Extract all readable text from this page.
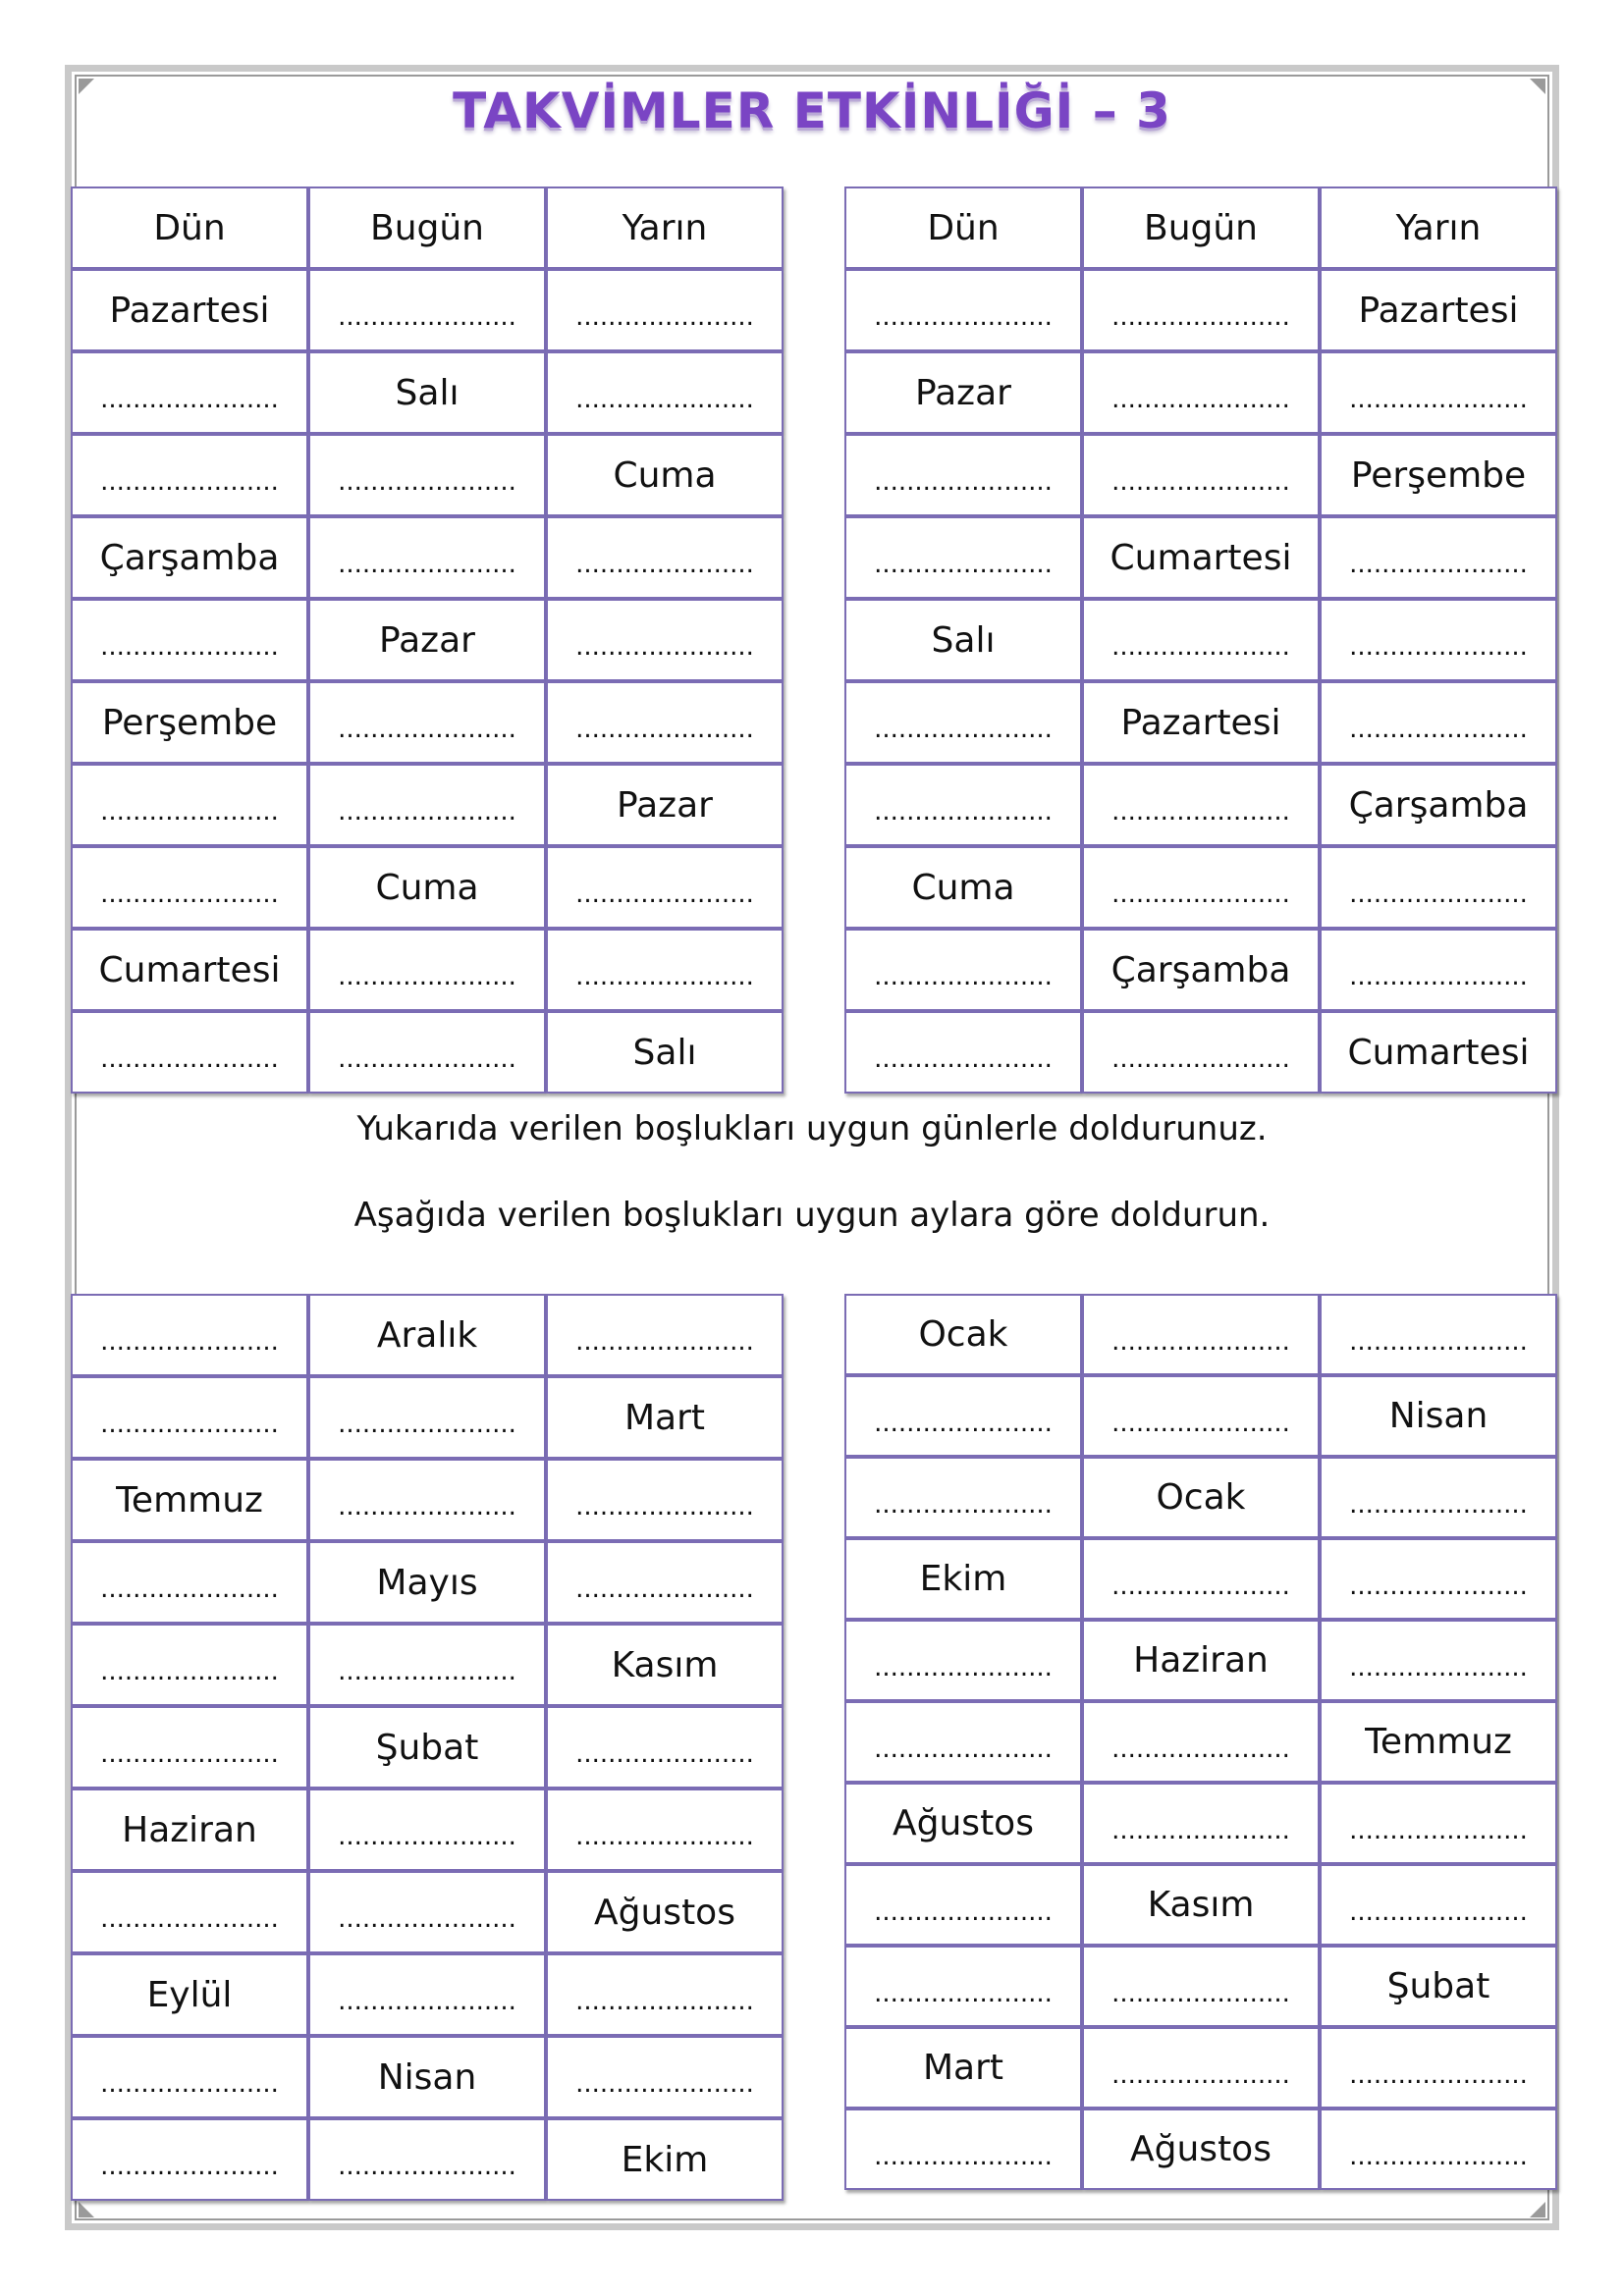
TAKVİMLER ETKİNLİĞİ – 3
Dün	Bugün	Yarın
Pazartesi	......................	......................
......................	Salı	......................
......................	......................	Cuma
Çarşamba	......................	......................
......................	Pazar	......................
Perşembe	......................	......................
......................	......................	Pazar
......................	Cuma	......................
Cumartesi	......................	......................
......................	......................	Salı
Dün	Bugün	Yarın
......................	......................	Pazartesi
Pazar	......................	......................
......................	......................	Perşembe
......................	Cumartesi	......................
Salı	......................	......................
......................	Pazartesi	......................
......................	......................	Çarşamba
Cuma	......................	......................
......................	Çarşamba	......................
......................	......................	Cumartesi
Yukarıda verilen boşlukları uygun günlerle doldurunuz.
Aşağıda verilen boşlukları uygun aylara göre doldurun.
......................	Aralık	......................
......................	......................	Mart
Temmuz	......................	......................
......................	Mayıs	......................
......................	......................	Kasım
......................	Şubat	......................
Haziran	......................	......................
......................	......................	Ağustos
Eylül	......................	......................
......................	Nisan	......................
......................	......................	Ekim
Ocak	......................	......................
......................	......................	Nisan
......................	Ocak	......................
Ekim	......................	......................
......................	Haziran	......................
......................	......................	Temmuz
Ağustos	......................	......................
......................	Kasım	......................
......................	......................	Şubat
Mart	......................	......................
......................	Ağustos	......................
